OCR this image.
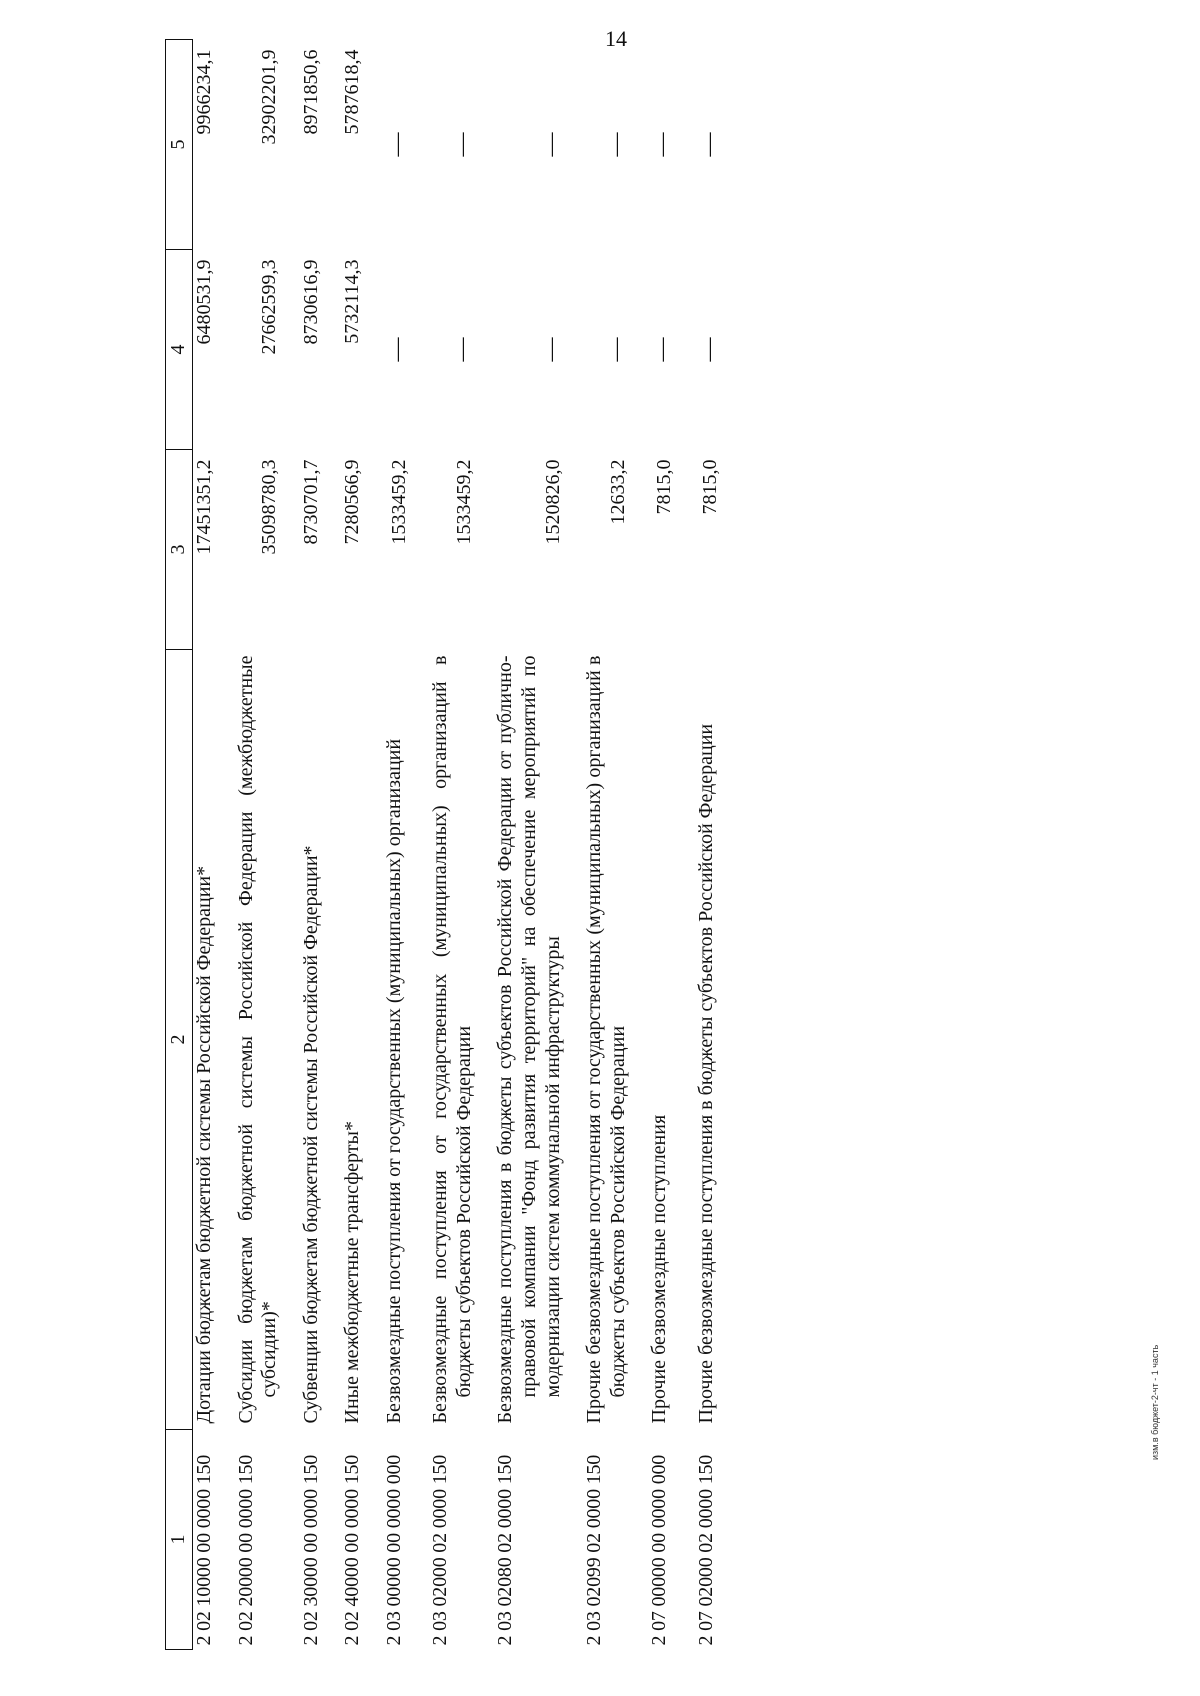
14
изм.в бюджет-2-чт - 1 часть
1	2	3	4	5
2 02 10000 00 0000 150	Дотации бюджетам бюджетной системы Российской Федерации*	17451351,2	6480531,9	9966234,1
2 02 20000 00 0000 150	Субсидии бюджетам бюджетной системы Российской Федерации (межбюджетные субсидии)*	35098780,3	27662599,3	32902201,9
2 02 30000 00 0000 150	Субвенции бюджетам бюджетной системы Российской Федерации*	8730701,7	8730616,9	8971850,6
2 02 40000 00 0000 150	Иные межбюджетные трансферты*	7280566,9	5732114,3	5787618,4
2 03 00000 00 0000 000	Безвозмездные поступления от государственных (муниципальных) организаций	1533459,2	—	—
2 03 02000 02 0000 150	Безвозмездные поступления от государственных (муниципальных) организаций в бюджеты субъектов Российской Федерации	1533459,2	—	—
2 03 02080 02 0000 150	Безвозмездные поступления в бюджеты субъектов Российской Федерации от публично-правовой компании "Фонд развития территорий" на обеспечение мероприятий по модернизации систем коммунальной инфраструктуры	1520826,0	—	—
2 03 02099 02 0000 150	Прочие безвозмездные поступления от государственных (муниципальных) организаций в бюджеты субъектов Российской Федерации	12633,2	—	—
2 07 00000 00 0000 000	Прочие безвозмездные поступления	7815,0	—	—
2 07 02000 02 0000 150	Прочие безвозмездные поступления в бюджеты субъектов Российской Федерации	7815,0	—	—
